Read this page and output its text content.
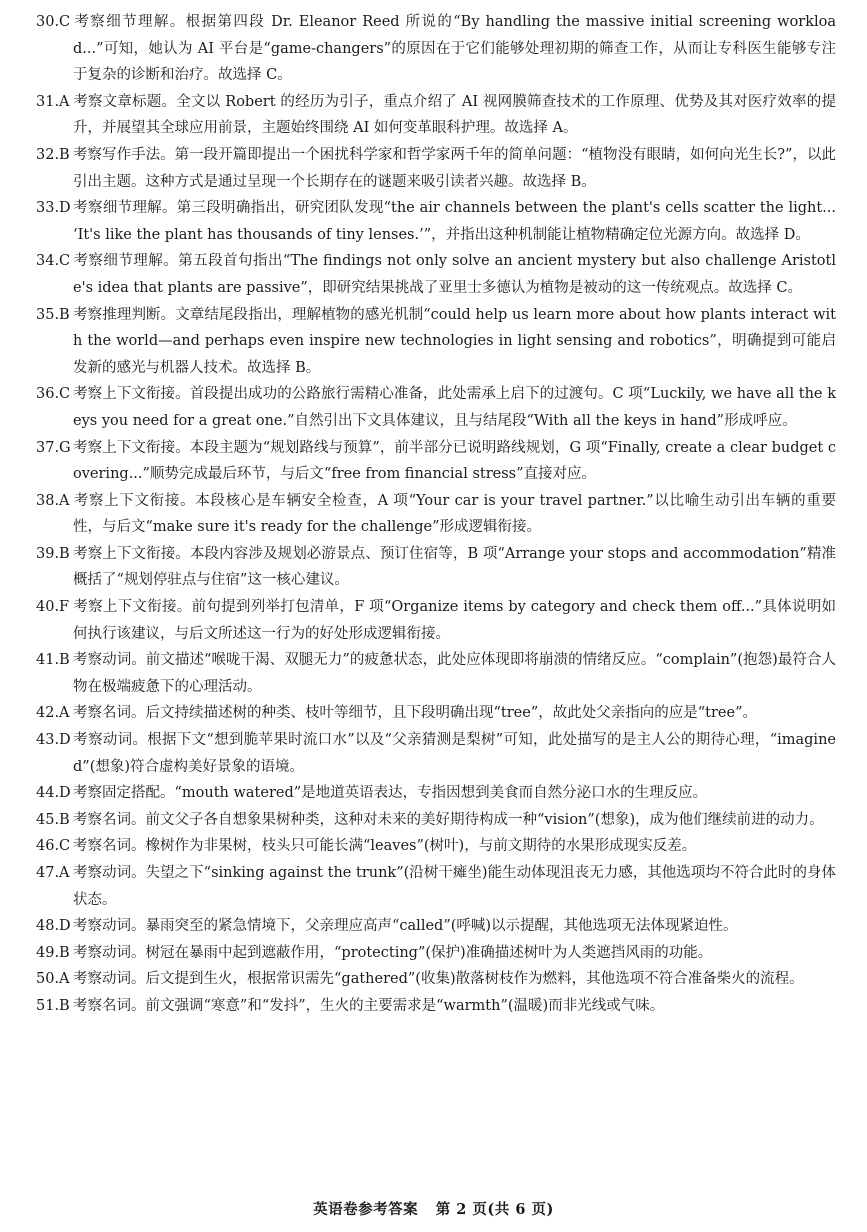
30.C 考察细节理解。根据第四段 Dr. Eleanor Reed 所说的“By handling the massive initial screening workload...”可知，她认为 AI 平台是“game-changers”的原因在于它们能够处理初期的筛查工作，从而让专科医生能够专注于复杂的诊断和治疗。故选择 C。

31.A 考察文章标题。全文以 Robert 的经历为引子，重点介绍了 AI 视网膜筛查技术的工作原理、优势及其对医疗效率的提升，并展望其全球应用前景，主题始终围绕 AI 如何变革眼科护理。故选择 A。

32.B 考察写作手法。第一段开篇即提出一个困扰科学家和哲学家两千年的简单问题：“植物没有眼睛，如何向光生长?”，以此引出主题。这种方式是通过呈现一个长期存在的谜题来吸引读者兴趣。故选择 B。

33.D 考察细节理解。第三段明确指出，研究团队发现“the air channels between the plant's cells scatter the light... ‘It's like the plant has thousands of tiny lenses.’”，并指出这种机制能让植物精确定位光源方向。故选择 D。

34.C 考察细节理解。第五段首句指出“The findings not only solve an ancient mystery but also challenge Aristotle's idea that plants are passive”，即研究结果挑战了亚里士多德认为植物是被动的这一传统观点。故选择 C。

35.B 考察推理判断。文章结尾段指出，理解植物的感光机制“could help us learn more about how plants interact with the world—and perhaps even inspire new technologies in light sensing and robotics”，明确提到可能启发新的感光与机器人技术。故选择 B。

36.C 考察上下文衔接。首段提出成功的公路旅行需精心准备，此处需承上启下的过渡句。C 项“Luckily, we have all the keys you need for a great one.”自然引出下文具体建议，且与结尾段“With all the keys in hand”形成呼应。

37.G 考察上下文衔接。本段主题为“规划路线与预算”，前半部分已说明路线规划，G 项“Finally, create a clear budget covering...”顺势完成最后环节，与后文“free from financial stress”直接对应。

38.A 考察上下文衔接。本段核心是车辆安全检查，A 项“Your car is your travel partner.”以比喻生动引出车辆的重要性，与后文“make sure it's ready for the challenge”形成逻辑衔接。

39.B 考察上下文衔接。本段内容涉及规划必游景点、预订住宿等，B 项“Arrange your stops and accommodation”精准概括了“规划停驻点与住宿”这一核心建议。

40.F 考察上下文衔接。前句提到列举打包清单，F 项“Organize items by category and check them off...”具体说明如何执行该建议，与后文所述这一行为的好处形成逻辑衔接。

41.B 考察动词。前文描述“喉咙干渴、双腿无力”的疲惫状态，此处应体现即将崩溃的情绪反应。“complain”(抱怨)最符合人物在极端疲惫下的心理活动。

42.A 考察名词。后文持续描述树的种类、枝叶等细节，且下段明确出现“tree”，故此处父亲指向的应是“tree”。

43.D 考察动词。根据下文“想到脆苹果时流口水”以及“父亲猜测是梨树”可知，此处描写的是主人公的期待心理，“imagined”(想象)符合虚构美好景象的语境。

44.D 考察固定搭配。“mouth watered”是地道英语表达，专指因想到美食而自然分泌口水的生理反应。

45.B 考察名词。前文父子各自想象果树种类，这种对未来的美好期待构成一种“vision”(想象)，成为他们继续前进的动力。

46.C 考察名词。橡树作为非果树，枝头只可能长满“leaves”(树叶)，与前文期待的水果形成现实反差。

47.A 考察动词。失望之下“sinking against the trunk”(沿树干瘫坐)能生动体现沮丧无力感，其他选项均不符合此时的身体状态。

48.D 考察动词。暴雨突至的紧急情境下，父亲理应高声“called”(呼喊)以示提醒，其他选项无法体现紧迫性。

49.B 考察动词。树冠在暴雨中起到遮蔽作用，“protecting”(保护)准确描述树叶为人类遮挡风雨的功能。

50.A 考察动词。后文提到生火，根据常识需先“gathered”(收集)散落树枝作为燃料，其他选项不符合准备柴火的流程。

51.B 考察名词。前文强调“寒意”和“发抖”，生火的主要需求是“warmth”(温暖)而非光线或气味。

英语卷参考答案 第 2 页(共 6 页)
